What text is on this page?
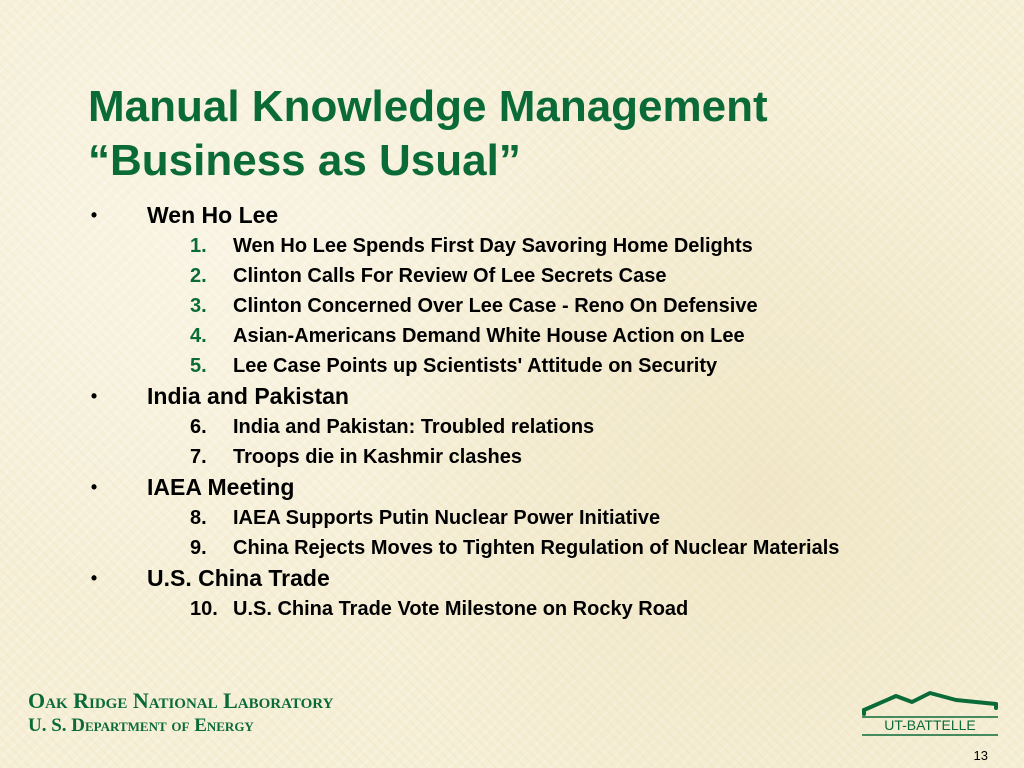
Manual Knowledge Management
“Business as Usual”
• Wen Ho Lee
1. Wen Ho Lee Spends First Day Savoring Home Delights
2. Clinton Calls For Review Of Lee Secrets Case
3. Clinton Concerned Over Lee Case - Reno On Defensive
4. Asian-Americans Demand White House Action on Lee
5. Lee Case Points up Scientists' Attitude on Security
• India and Pakistan
6. India and Pakistan: Troubled relations
7. Troops die in Kashmir clashes
• IAEA Meeting
8. IAEA Supports Putin Nuclear Power Initiative
9. China Rejects Moves to Tighten Regulation of Nuclear Materials
• U.S. China Trade
10. U.S. China Trade Vote Milestone on Rocky Road
Oak Ridge National Laboratory
U. S. Department of Energy	UT-BATTELLE
13
